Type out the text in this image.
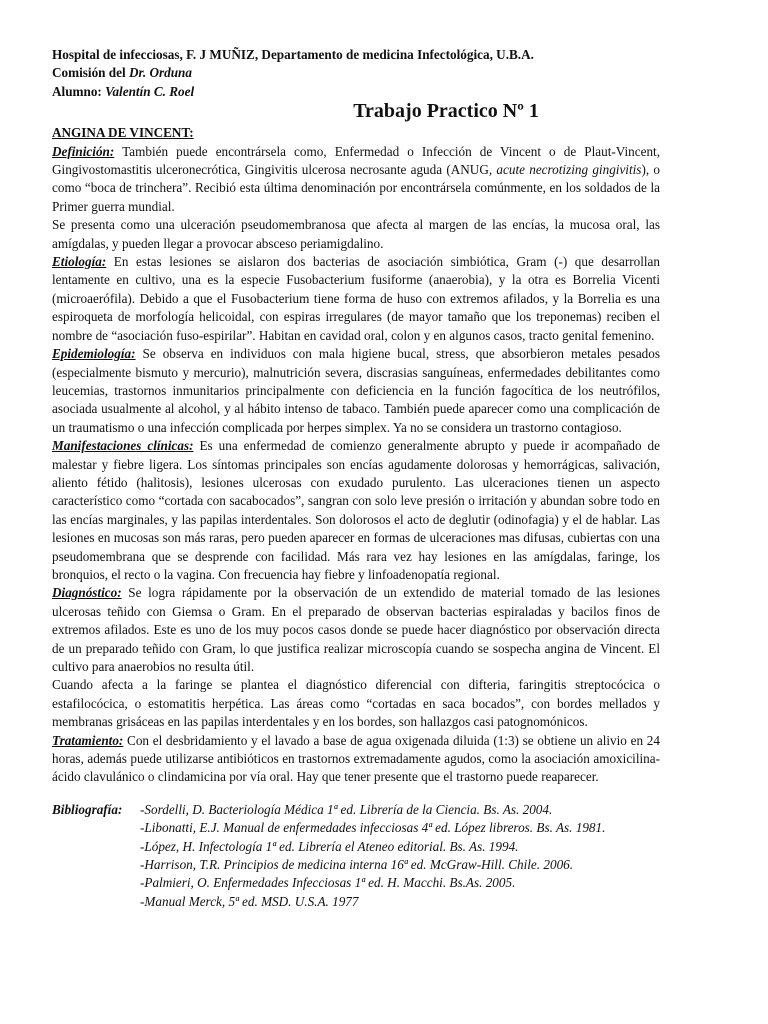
Hospital de infecciosas, F. J MUÑIZ, Departamento de medicina Infectológica, U.B.A.
Comisión del Dr. Orduna
Alumno: Valentín C. Roel
Trabajo Practico Nº 1
ANGINA DE VINCENT:

Definición: También puede encontrársela como, Enfermedad o Infección de Vincent o de Plaut-Vincent, Gingivostomastitis ulceronecrótica, Gingivitis ulcerosa necrosante aguda (ANUG, acute necrotizing gingivitis), o como “boca de trinchera”. Recibió esta última denominación por encontrársela comúnmente, en los soldados de la Primer guerra mundial.

Se presenta como una ulceración pseudomembranosa que afecta al margen de las encías, la mucosa oral, las amígdalas, y pueden llegar a provocar absceso periamigdalino.

Etiología: En estas lesiones se aislaron dos bacterias de asociación simbiótica, Gram (-) que desarrollan lentamente en cultivo, una es la especie Fusobacterium fusiforme (anaerobia), y la otra es Borrelia Vicenti (microaerófila). Debido a que el Fusobacterium tiene forma de huso con extremos afilados, y la Borrelia es una espiroqueta de morfología helicoidal, con espiras irregulares (de mayor tamaño que los treponemas) reciben el nombre de “asociación fuso-espirilar”. Habitan en cavidad oral, colon y en algunos casos, tracto genital femenino.

Epidemiología: Se observa en individuos con mala higiene bucal, stress, que absorbieron metales pesados (especialmente bismuto y mercurio), malnutrición severa, discrasias sanguíneas, enfermedades debilitantes como leucemias, trastornos inmunitarios principalmente con deficiencia en la función fagocítica de los neutrófilos, asociada usualmente al alcohol, y al hábito intenso de tabaco. También puede aparecer como una complicación de un traumatismo o una infección complicada por herpes simplex. Ya no se considera un trastorno contagioso.

Manifestaciones clínicas: Es una enfermedad de comienzo generalmente abrupto y puede ir acompañado de malestar y fiebre ligera. Los síntomas principales son encías agudamente dolorosas y hemorrágicas, salivación, aliento fétido (halitosis), lesiones ulcerosas con exudado purulento. Las ulceraciones tienen un aspecto característico como “cortada con sacabocados”, sangran con solo leve presión o irritación y abundan sobre todo en las encías marginales, y las papilas interdentales. Son dolorosos el acto de deglutir (odinofagia) y el de hablar. Las lesiones en mucosas son más raras, pero pueden aparecer en formas de ulceraciones mas difusas, cubiertas con una pseudomembrana que se desprende con facilidad. Más rara vez hay lesiones en las amígdalas, faringe, los bronquios, el recto o la vagina. Con frecuencia hay fiebre y linfoadenopatía regional.

Diagnóstico: Se logra rápidamente por la observación de un extendido de material tomado de las lesiones ulcerosas teñido con Giemsa o Gram. En el preparado de observan bacterias espiraladas y bacilos finos de extremos afilados. Este es uno de los muy pocos casos donde se puede hacer diagnóstico por observación directa de un preparado teñido con Gram, lo que justifica realizar microscopía cuando se sospecha angina de Vincent. El cultivo para anaerobios no resulta útil.

Cuando afecta a la faringe se plantea el diagnóstico diferencial con difteria, faringitis streptocócica o estafilocócica, o estomatitis herpética. Las áreas como “cortadas en saca bocados”, con bordes mellados y membranas grisáceas en las papilas interdentales y en los bordes, son hallazgos casi patognomónicos.

Tratamiento: Con el desbridamiento y el lavado a base de agua oxigenada diluida (1:3) se obtiene un alivio en 24 horas, además puede utilizarse antibióticos en trastornos extremadamente agudos, como la asociación amoxicilina-ácido clavulánico o clindamicina por vía oral. Hay que tener presente que el trastorno puede reaparecer.

Bibliografía:	-Sordelli, D. Bacteriología Médica 1ª ed. Librería de la Ciencia. Bs. As. 2004.
-Libonatti, E.J. Manual de enfermedades infecciosas 4ª ed. López libreros. Bs. As. 1981.
-López, H. Infectología 1ª ed. Librería el Ateneo editorial. Bs. As. 1994.
-Harrison, T.R. Principios de medicina interna 16ª ed. McGraw-Hill. Chile. 2006.
-Palmieri, O. Enfermedades Infecciosas 1ª ed. H. Macchi. Bs.As. 2005.
-Manual Merck, 5ª ed. MSD. U.S.A. 1977
